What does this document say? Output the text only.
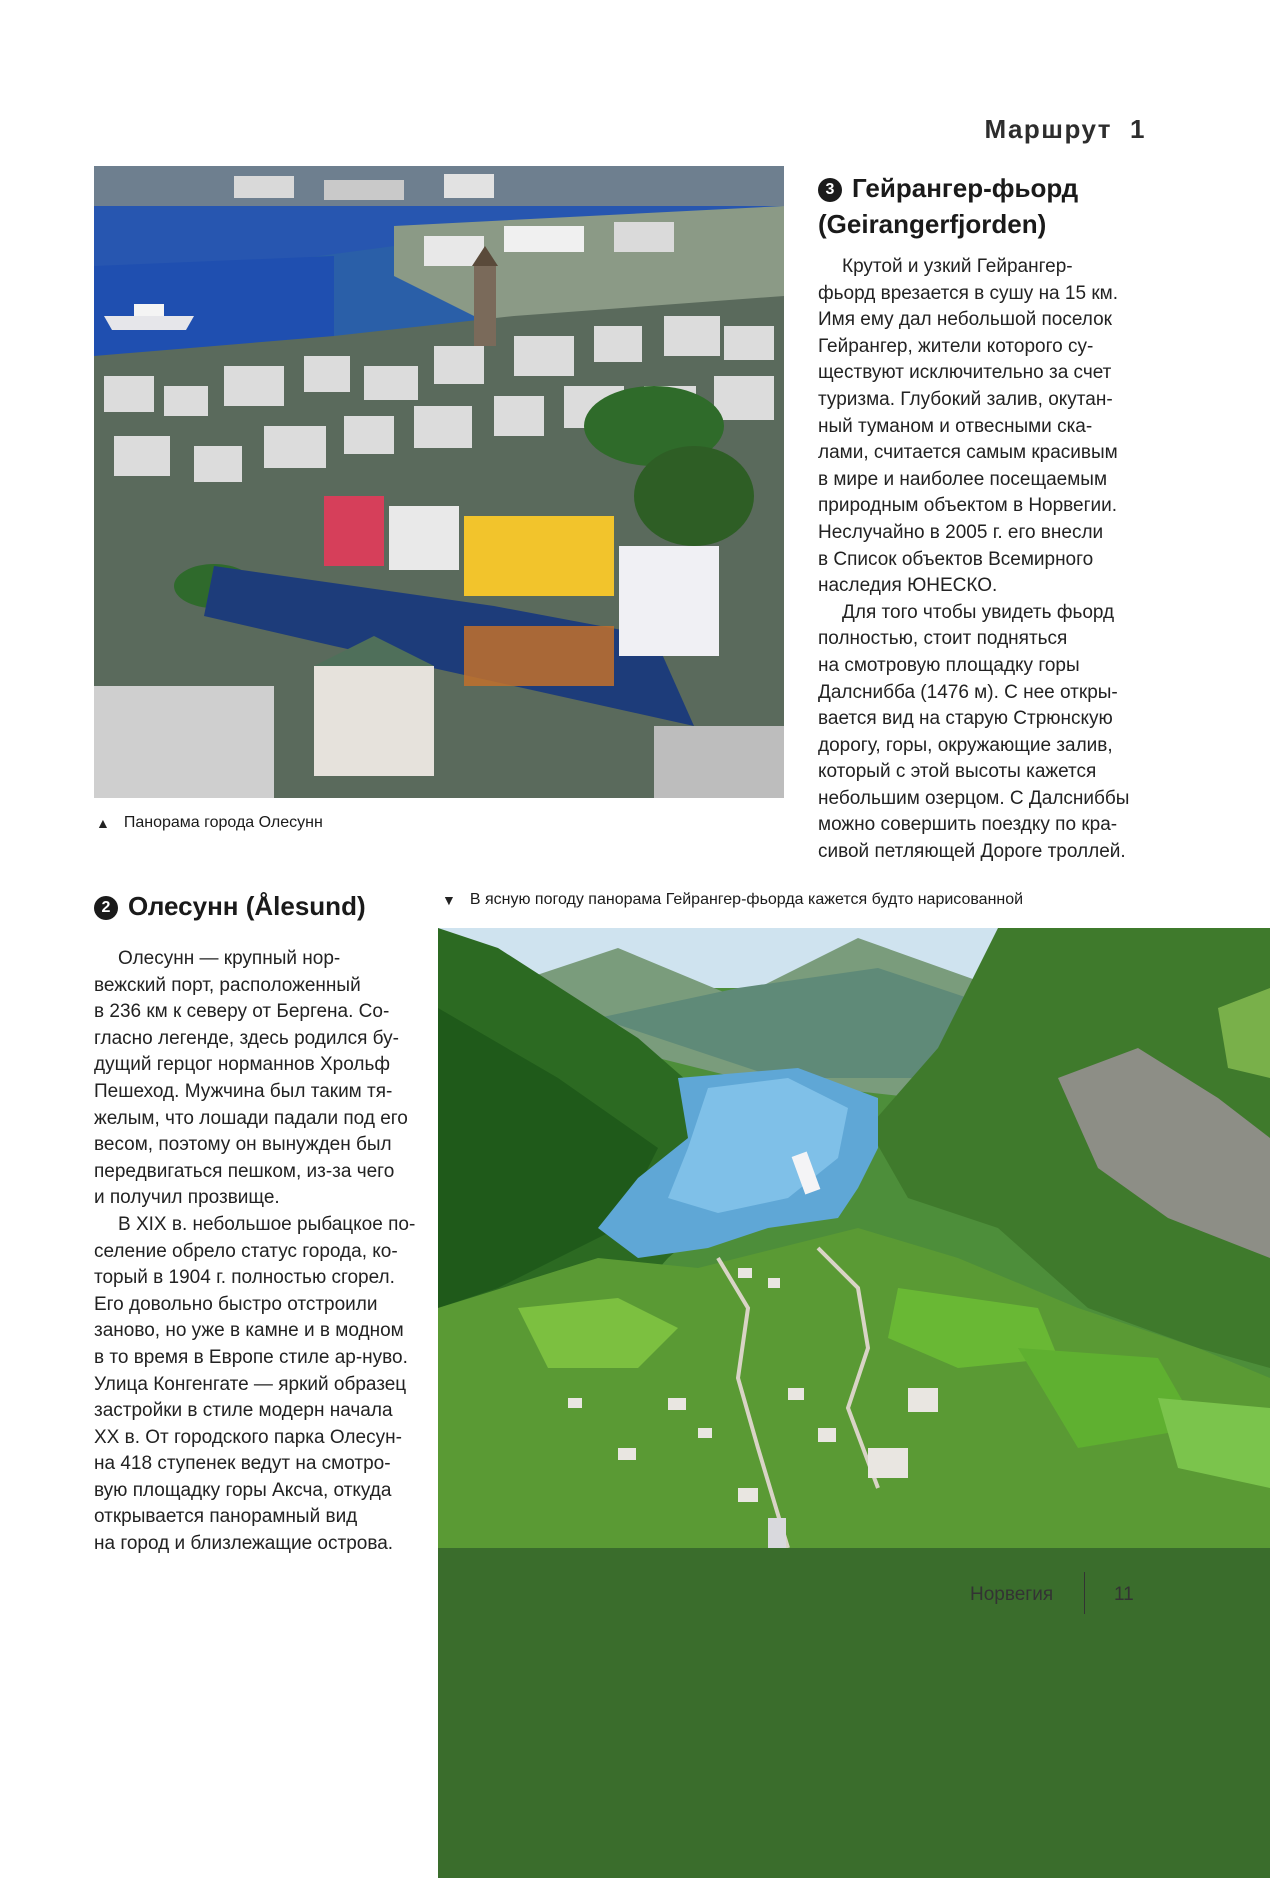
Маршрут 1
▲ Панорама города Олесунн
3 Гейрангер-фьорд
(Geirangerfjorden)
Крутой и узкий Гейрангер-
фьорд врезается в сушу на 15 км.
Имя ему дал небольшой поселок
Гейрангер, жители которого су-
ществуют исключительно за счет
туризма. Глубокий залив, окутан-
ный туманом и отвесными ска-
лами, считается самым красивым
в мире и наиболее посещаемым
природным объектом в Норвегии.
Неслучайно в 2005 г. его внесли
в Список объектов Всемирного
наследия ЮНЕСКО.
Для того чтобы увидеть фьорд
полностью, стоит подняться
на смотровую площадку горы
Далснибба (1476 м). С нее откры-
вается вид на старую Стрюнскую
дорогу, горы, окружающие залив,
который с этой высоты кажется
небольшим озерцом. С Далсниббы
можно совершить поездку по кра-
сивой петляющей Дороге троллей.
2 Олесунн (Ålesund)
Олесунн — крупный нор-
вежский порт, расположенный
в 236 км к северу от Бергена. Со-
гласно легенде, здесь родился бу-
дущий герцог норманнов Хрольф
Пешеход. Мужчина был таким тя-
желым, что лошади падали под его
весом, поэтому он вынужден был
передвигаться пешком, из-за чего
и получил прозвище.
В XIX в. небольшое рыбацкое по-
селение обрело статус города, ко-
торый в 1904 г. полностью сгорел.
Его довольно быстро отстроили
заново, но уже в камне и в модном
в то время в Европе стиле ар-нуво.
Улица Конгенгате — яркий образец
застройки в стиле модерн начала
XX в. От городского парка Олесун-
на 418 ступенек ведут на смотро-
вую площадку горы Аксча, откуда
открывается панорамный вид
на город и близлежащие острова.
▼ В ясную погоду панорама Гейрангер-фьорда кажется будто нарисованной
Норвегия	11
